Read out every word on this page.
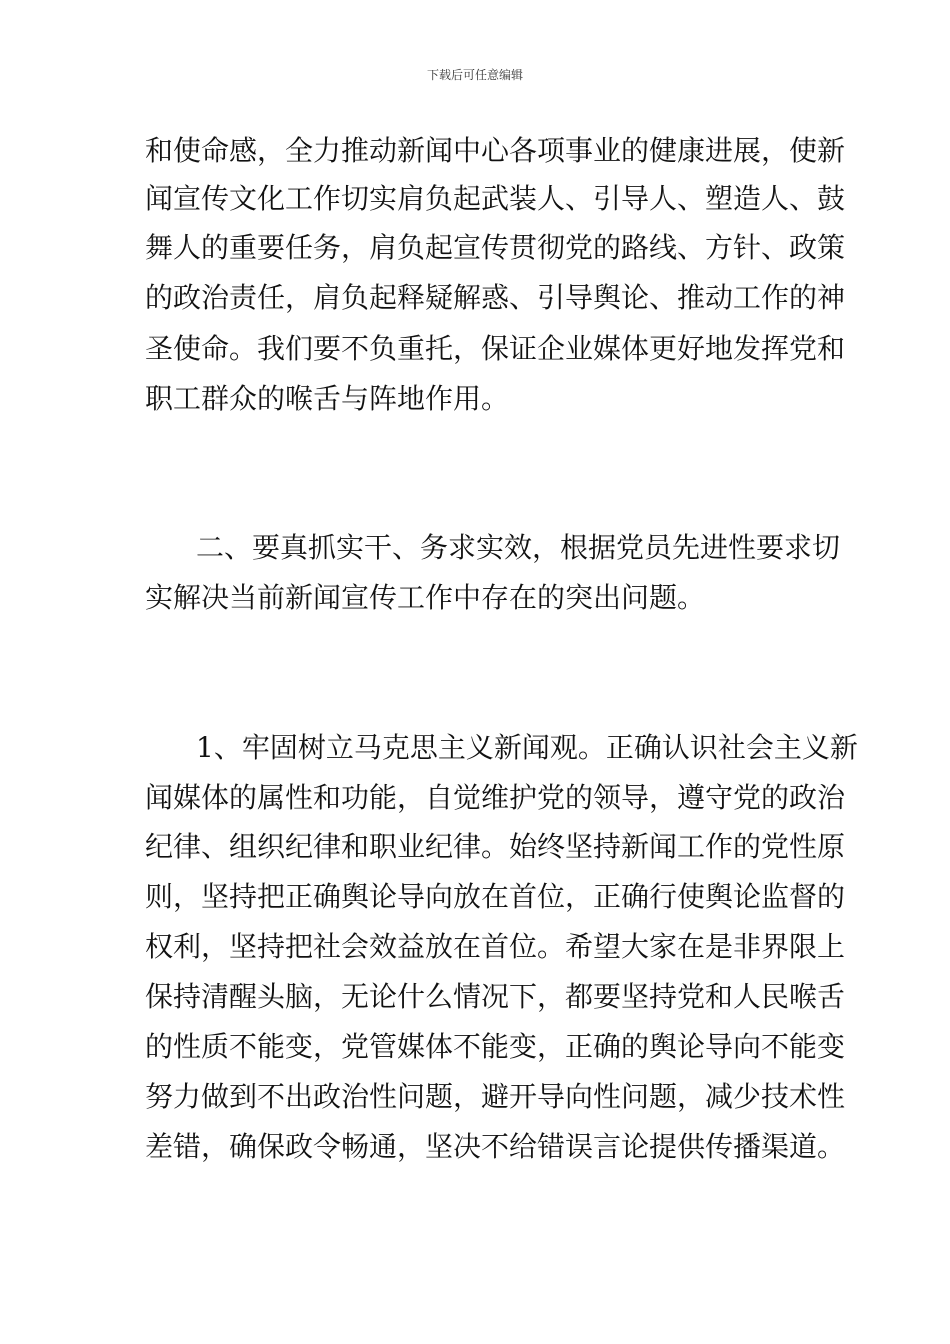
下载后可任意编辑
和使命感，全力推动新闻中心各项事业的健康进展，使新
闻宣传文化工作切实肩负起武装人、引导人、塑造人、鼓
舞人的重要任务，肩负起宣传贯彻党的路线、方针、政策
的政治责任，肩负起释疑解惑、引导舆论、推动工作的神
圣使命。我们要不负重托，保证企业媒体更好地发挥党和
职工群众的喉舌与阵地作用。
二、要真抓实干、务求实效，根据党员先进性要求切
实解决当前新闻宣传工作中存在的突出问题。
1、牢固树立马克思主义新闻观。正确认识社会主义新
闻媒体的属性和功能，自觉维护党的领导，遵守党的政治
纪律、组织纪律和职业纪律。始终坚持新闻工作的党性原
则，坚持把正确舆论导向放在首位，正确行使舆论监督的
权利，坚持把社会效益放在首位。希望大家在是非界限上
保持清醒头脑，无论什么情况下，都要坚持党和人民喉舌
的性质不能变，党管媒体不能变，正确的舆论导向不能变
努力做到不出政治性问题，避开导向性问题，减少技术性
差错，确保政令畅通，坚决不给错误言论提供传播渠道。
